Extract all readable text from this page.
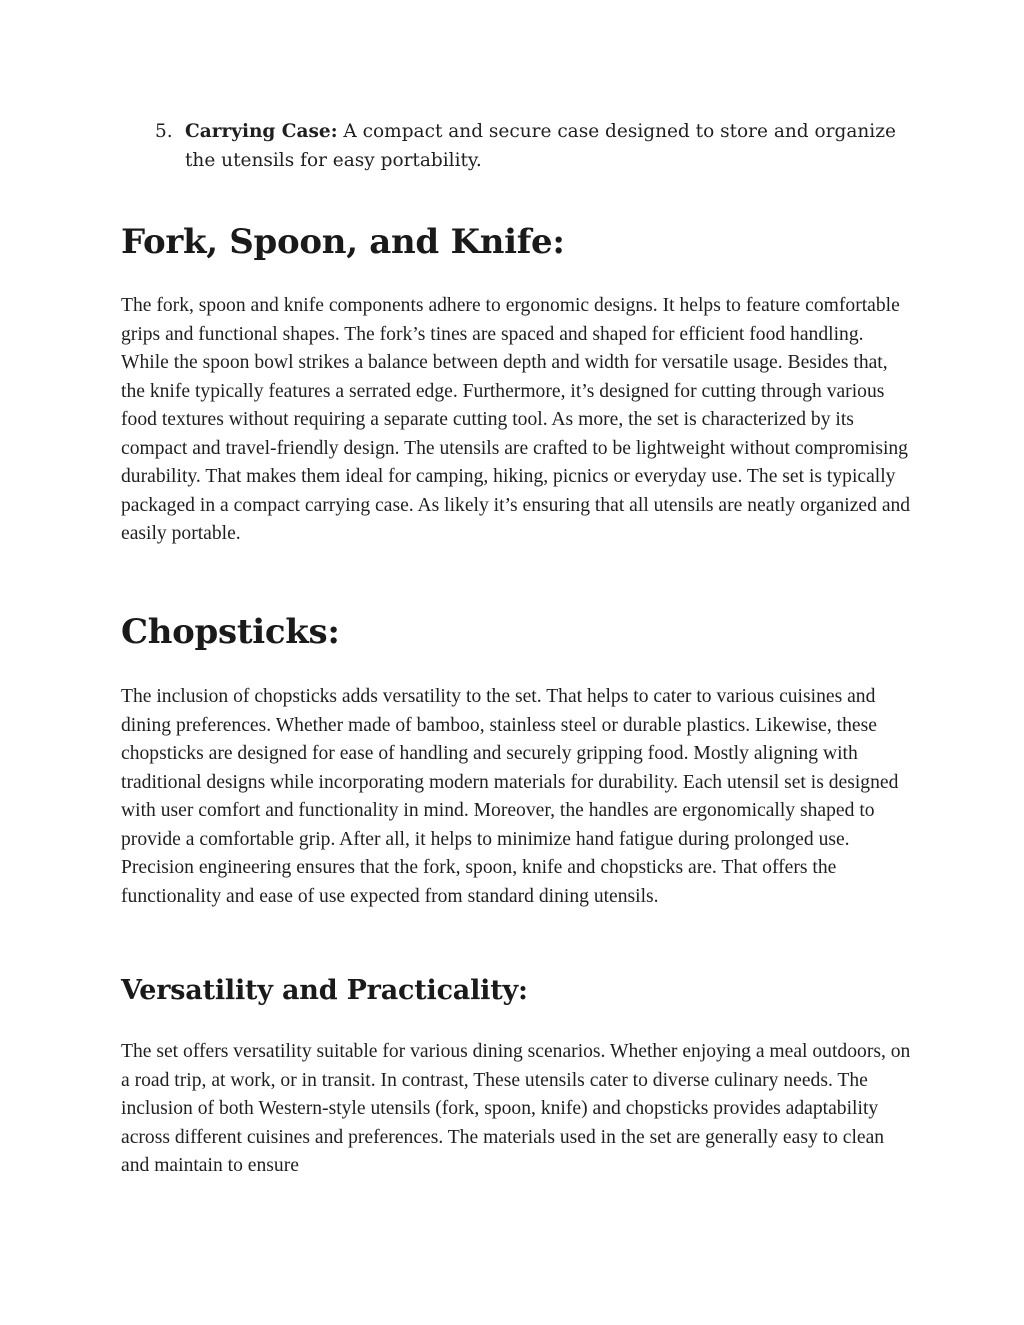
5. Carrying Case: A compact and secure case designed to store and organize the utensils for easy portability.
Fork, Spoon, and Knife:

The fork, spoon and knife components adhere to ergonomic designs. It helps to feature comfortable grips and functional shapes. The fork’s tines are spaced and shaped for efficient food handling. While the spoon bowl strikes a balance between depth and width for versatile usage. Besides that, the knife typically features a serrated edge. Furthermore, it’s designed for cutting through various food textures without requiring a separate cutting tool. As more, the set is characterized by its compact and travel-friendly design. The utensils are crafted to be lightweight without compromising durability. That makes them ideal for camping, hiking, picnics or everyday use. The set is typically packaged in a compact carrying case. As likely it’s ensuring that all utensils are neatly organized and easily portable.

Chopsticks:

The inclusion of chopsticks adds versatility to the set. That helps to cater to various cuisines and dining preferences. Whether made of bamboo, stainless steel or durable plastics. Likewise, these chopsticks are designed for ease of handling and securely gripping food. Mostly aligning with traditional designs while incorporating modern materials for durability. Each utensil set is designed with user comfort and functionality in mind. Moreover, the handles are ergonomically shaped to provide a comfortable grip. After all, it helps to minimize hand fatigue during prolonged use. Precision engineering ensures that the fork, spoon, knife and chopsticks are. That offers the functionality and ease of use expected from standard dining utensils.

Versatility and Practicality:

The set offers versatility suitable for various dining scenarios. Whether enjoying a meal outdoors, on a road trip, at work, or in transit. In contrast, These utensils cater to diverse culinary needs. The inclusion of both Western-style utensils (fork, spoon, knife) and chopsticks provides adaptability across different cuisines and preferences. The materials used in the set are generally easy to clean and maintain to ensure
